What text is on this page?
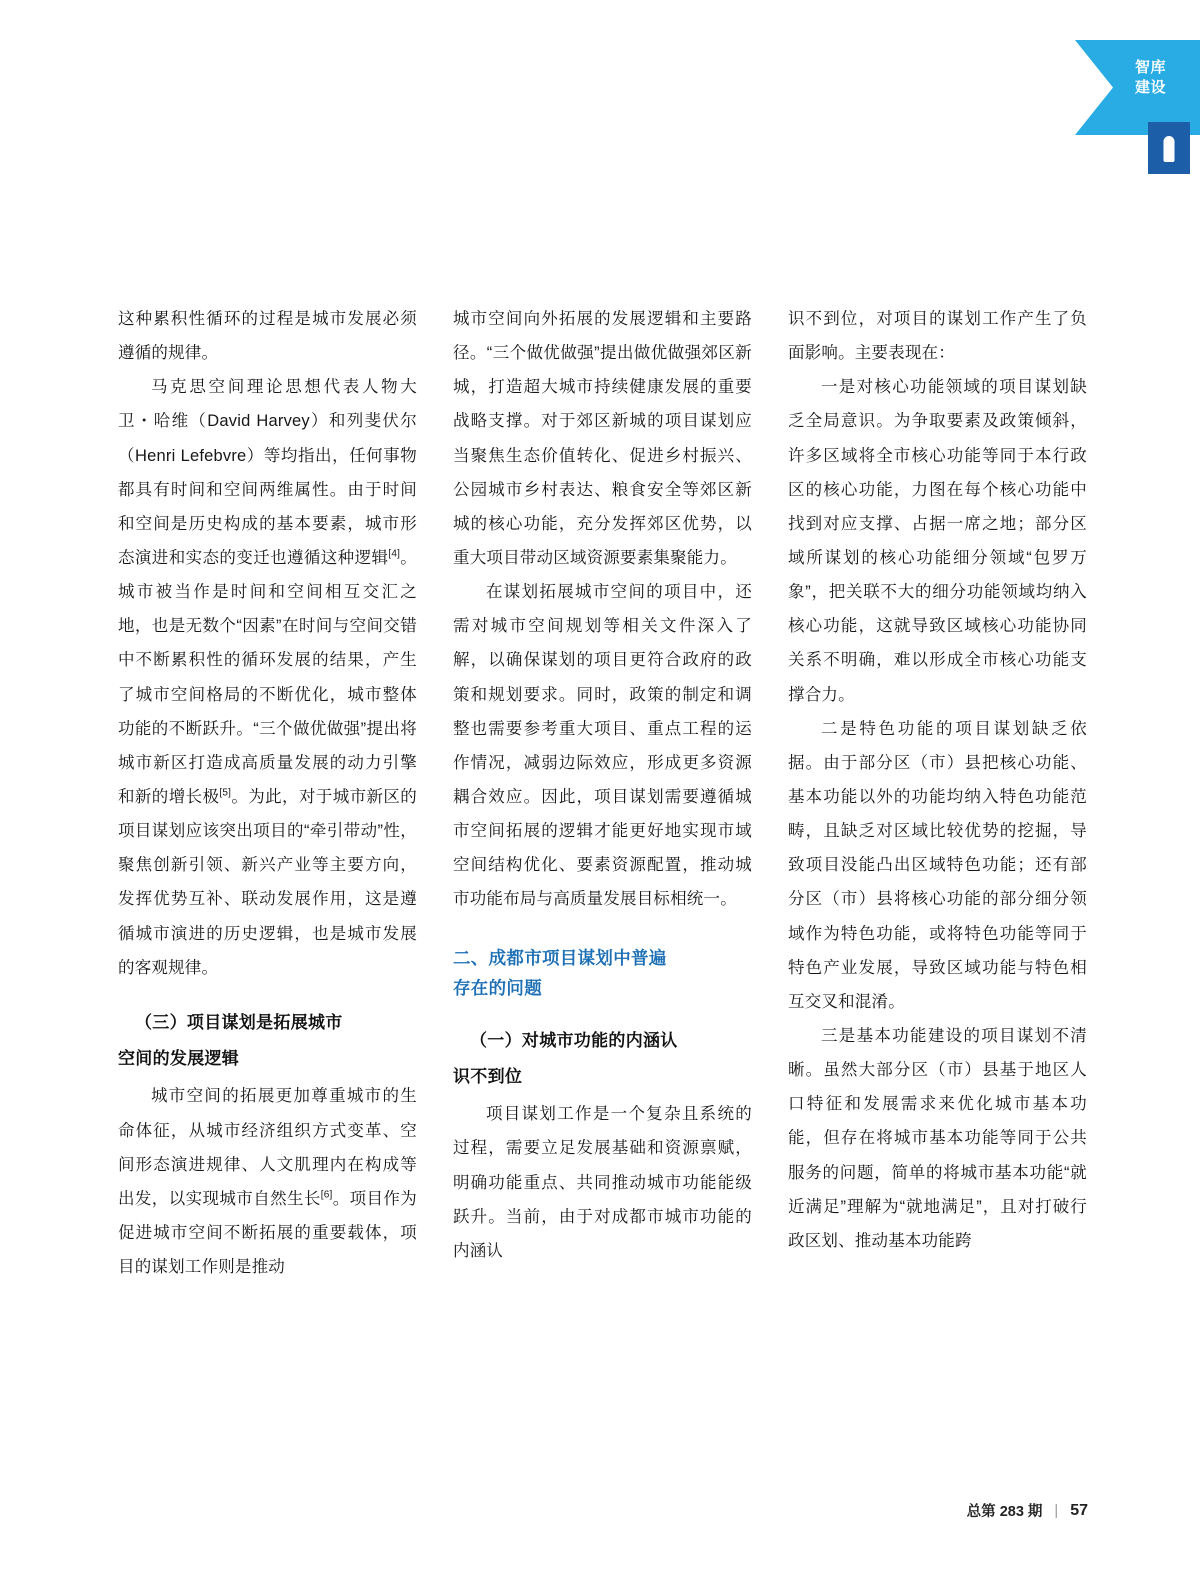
智库
建设

这种累积性循环的过程是城市发展必须遵循的规律。

马克思空间理论思想代表人物大卫・哈维（David Harvey）和列斐伏尔（Henri Lefebvre）等均指出，任何事物都具有时间和空间两维属性。由于时间和空间是历史构成的基本要素，城市形态演进和实态的变迁也遵循这种逻辑[4]。城市被当作是时间和空间相互交汇之地，也是无数个“因素”在时间与空间交错中不断累积性的循环发展的结果，产生了城市空间格局的不断优化，城市整体功能的不断跃升。“三个做优做强”提出将城市新区打造成高质量发展的动力引擎和新的增长极[5]。为此，对于城市新区的项目谋划应该突出项目的“牵引带动”性，聚焦创新引领、新兴产业等主要方向，发挥优势互补、联动发展作用，这是遵循城市演进的历史逻辑，也是城市发展的客观规律。

（三）项目谋划是拓展城市
空间的发展逻辑

城市空间的拓展更加尊重城市的生命体征，从城市经济组织方式变革、空间形态演进规律、人文肌理内在构成等出发，以实现城市自然生长[6]。项目作为促进城市空间不断拓展的重要载体，项目的谋划工作则是推动

城市空间向外拓展的发展逻辑和主要路径。“三个做优做强”提出做优做强郊区新城，打造超大城市持续健康发展的重要战略支撑。对于郊区新城的项目谋划应当聚焦生态价值转化、促进乡村振兴、公园城市乡村表达、粮食安全等郊区新城的核心功能，充分发挥郊区优势，以重大项目带动区域资源要素集聚能力。

在谋划拓展城市空间的项目中，还需对城市空间规划等相关文件深入了解，以确保谋划的项目更符合政府的政策和规划要求。同时，政策的制定和调整也需要参考重大项目、重点工程的运作情况，减弱边际效应，形成更多资源耦合效应。因此，项目谋划需要遵循城市空间拓展的逻辑才能更好地实现市域空间结构优化、要素资源配置，推动城市功能布局与高质量发展目标相统一。

二、成都市项目谋划中普遍
存在的问题
（一）对城市功能的内涵认
识不到位

项目谋划工作是一个复杂且系统的过程，需要立足发展基础和资源禀赋，明确功能重点、共同推动城市功能能级跃升。当前，由于对成都市城市功能的内涵认

识不到位，对项目的谋划工作产生了负面影响。主要表现在：

一是对核心功能领域的项目谋划缺乏全局意识。为争取要素及政策倾斜，许多区域将全市核心功能等同于本行政区的核心功能，力图在每个核心功能中找到对应支撑、占据一席之地；部分区域所谋划的核心功能细分领域“包罗万象”，把关联不大的细分功能领域均纳入核心功能，这就导致区域核心功能协同关系不明确，难以形成全市核心功能支撑合力。

二是特色功能的项目谋划缺乏依据。由于部分区（市）县把核心功能、基本功能以外的功能均纳入特色功能范畴，且缺乏对区域比较优势的挖掘，导致项目没能凸出区域特色功能；还有部分区（市）县将核心功能的部分细分领域作为特色功能，或将特色功能等同于特色产业发展，导致区域功能与特色相互交叉和混淆。

三是基本功能建设的项目谋划不清晰。虽然大部分区（市）县基于地区人口特征和发展需求来优化城市基本功能，但存在将城市基本功能等同于公共服务的问题，简单的将城市基本功能“就近满足”理解为“就地满足”，且对打破行政区划、推动基本功能跨

总第 283 期 | 57
